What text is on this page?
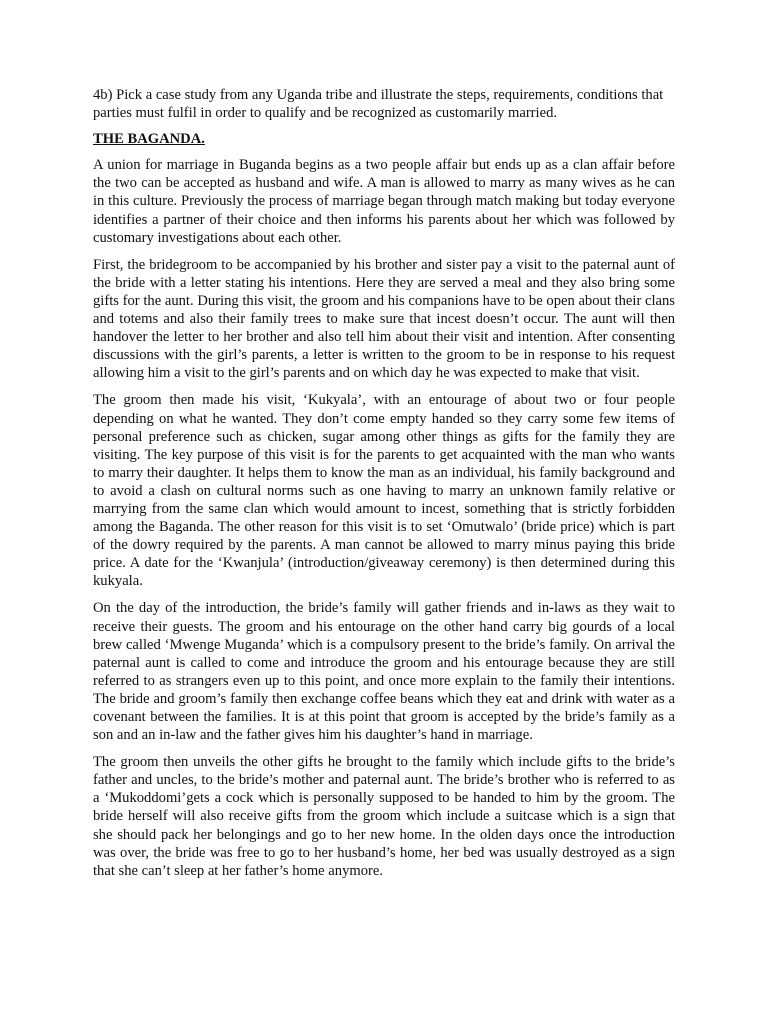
4b) Pick a case study from any Uganda tribe and illustrate the steps, requirements, conditions that parties must fulfil in order to qualify and be recognized as customarily married.

THE BAGANDA.

A union for marriage in Buganda begins as a two people affair but ends up as a clan affair before the two can be accepted as husband and wife. A man is allowed to marry as many wives as he can in this culture. Previously the process of marriage began through match making but today everyone identifies a partner of their choice and then informs his parents about her which was followed by customary investigations about each other.

First, the bridegroom to be accompanied by his brother and sister pay a visit to the paternal aunt of the bride with a letter stating his intentions. Here they are served a meal and they also bring some gifts for the aunt. During this visit, the groom and his companions have to be open about their clans and totems and also their family trees to make sure that incest doesn’t occur. The aunt will then handover the letter to her brother and also tell him about their visit and intention. After consenting discussions with the girl’s parents, a letter is written to the groom to be in response to his request allowing him a visit to the girl’s parents and on which day he was expected to make that visit.

The groom then made his visit, ‘Kukyala’, with an entourage of about two or four people depending on what he wanted. They don’t come empty handed so they carry some few items of personal preference such as chicken, sugar among other things as gifts for the family they are visiting. The key purpose of this visit is for the parents to get acquainted with the man who wants to marry their daughter. It helps them to know the man as an individual, his family background and to avoid a clash on cultural norms such as one having to marry an unknown family relative or marrying from the same clan which would amount to incest, something that is strictly forbidden among the Baganda. The other reason for this visit is to set ‘Omutwalo’ (bride price) which is part of the dowry required by the parents. A man cannot be allowed to marry minus paying this bride price. A date for the ‘Kwanjula’ (introduction/giveaway ceremony) is then determined during this kukyala.

On the day of the introduction, the bride’s family will gather friends and in-laws as they wait to receive their guests. The groom and his entourage on the other hand carry big gourds of a local brew called ‘Mwenge Muganda’ which is a compulsory present to the bride’s family. On arrival the paternal aunt is called to come and introduce the groom and his entourage because they are still referred to as strangers even up to this point, and once more explain to the family their intentions. The bride and groom’s family then exchange coffee beans which they eat and drink with water as a covenant between the families. It is at this point that groom is accepted by the bride’s family as a son and an in-law and the father gives him his daughter’s hand in marriage.

The groom then unveils the other gifts he brought to the family which include gifts to the bride’s father and uncles, to the bride’s mother and paternal aunt. The bride’s brother who is referred to as a ‘Mukoddomi’gets a cock which is personally supposed to be handed to him by the groom. The bride herself will also receive gifts from the groom which include a suitcase which is a sign that she should pack her belongings and go to her new home. In the olden days once the introduction was over, the bride was free to go to her husband’s home, her bed was usually destroyed as a sign that she can’t sleep at her father’s home anymore.
